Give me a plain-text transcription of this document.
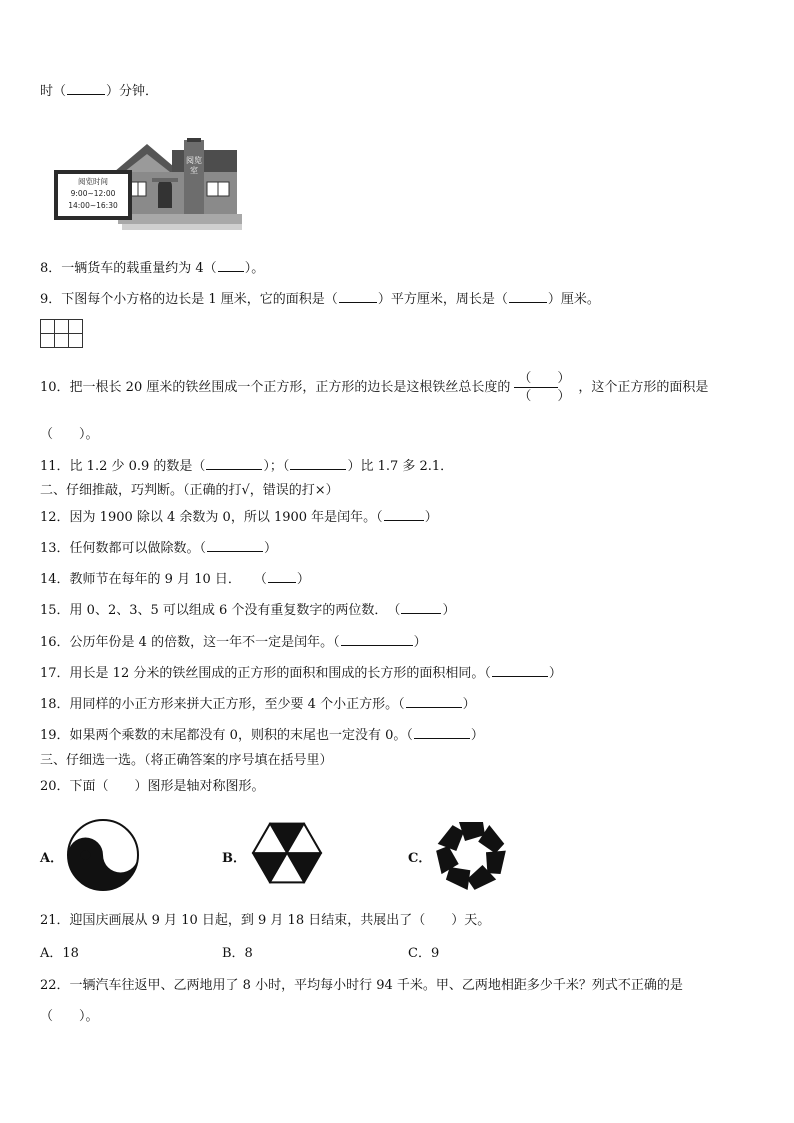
时（	）分钟．
阅览时间
9:00~12:00
14:00~16:30
阅览室
8．一辆货车的载重量约为 4（ ）。
9．下图每个小方格的边长是 1 厘米，它的面积是（	）平方厘米，周长是（	）厘米。
10．把一根长 20 厘米的铁丝围成一个正方形，正方形的边长是这根铁丝总长度的 $\frac{( )}{( )}$ ，这个正方形的面积是
（　　）。
11．比 1.2 少 0.9 的数是（	）；（	）比 1.7 多 2.1．
二、仔细推敲，巧判断。（正确的打√，错误的打×）
12．因为 1900 除以 4 余数为 0，所以 1900 年是闰年。（	）
13．任何数都可以做除数。（	）
14．教师节在每年的 9 月 10 日．　　（ ）
15．用 0、2、3、5 可以组成 6 个没有重复数字的两位数．　（	）
16．公历年份是 4 的倍数，这一年不一定是闰年。（	）
17．用长是 12 分米的铁丝围成的正方形的面积和围成的长方形的面积相同。（	）
18．用同样的小正方形来拼大正方形，至少要 4 个小正方形。（	）
19．如果两个乘数的末尾都没有 0，则积的末尾也一定没有 0。（	）
三、仔细选一选。（将正确答案的序号填在括号里）
20．下面（　　）图形是轴对称图形。
A．	B．	C．
21．迎国庆画展从 9 月 10 日起，到 9 月 18 日结束，共展出了（　　）天。
A．18	B．8	C．9
22．一辆汽车往返甲、乙两地用了 8 小时，平均每小时行 94 千米。甲、乙两地相距多少千米？列式不正确的是
（　　）。
